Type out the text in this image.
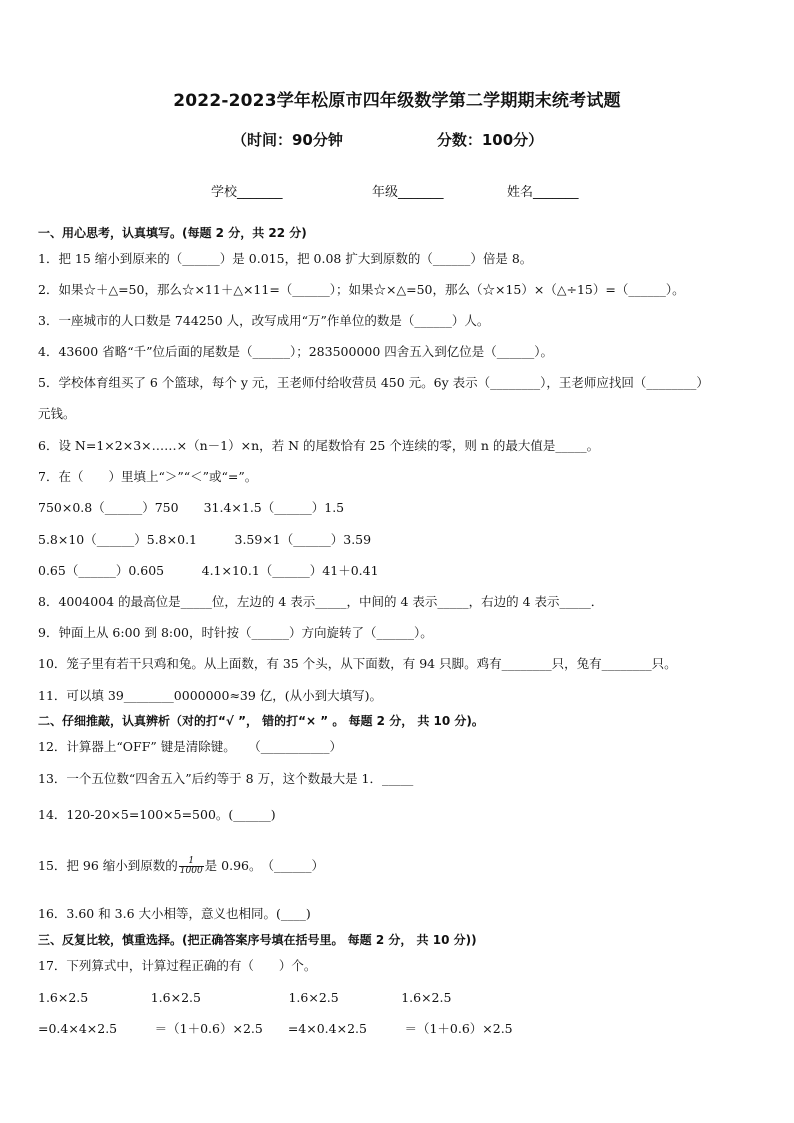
2022-2023学年松原市四年级数学第二学期期末统考试题
（时间：90分钟                  分数：100分）
学校_______	年级_______	姓名_______
一、用心思考，认真填写。(每题 2 分，共 22 分)
1．把 15 缩小到原来的（______）是 0.015，把 0.08 扩大到原数的（______）倍是 8。
2．如果☆＋△=50，那么☆×11＋△×11=（______）；如果☆×△=50，那么（☆×15）×（△÷15）=（______）。
3．一座城市的人口数是 744250 人，改写成用“万”作单位的数是（______）人。
4．43600 省略“千”位后面的尾数是（______）；283500000 四舍五入到亿位是（______）。
5．学校体育组买了 6 个篮球，每个 y 元，王老师付给收营员 450 元。6y 表示（________），王老师应找回（________）
元钱。
6．设 N=1×2×3×……×（n－1）×n，若 N 的尾数恰有 25 个连续的零，则 n 的最大值是_____。
7．在（　　）里填上“＞”“＜”或“=”。
750×0.8（______）750　　31.4×1.5（______）1.5
5.8×10（______）5.8×0.1　　　3.59×1（______）3.59
0.65（______）0.605　　　4.1×10.1（______）41＋0.41
8．4004004 的最高位是_____位，左边的 4 表示_____，中间的 4 表示_____，右边的 4 表示_____．
9．钟面上从 6:00 到 8:00，时针按（______）方向旋转了（______）。
10．笼子里有若干只鸡和兔。从上面数，有 35 个头，从下面数，有 94 只脚。鸡有________只，兔有________只。
11．可以填 39________0000000≈39 亿，(从小到大填写)。
二、仔细推敲，认真辨析（对的打“√ ”， 错的打“× ” 。 每题 2 分， 共 10 分)。
12．计算器上“OFF” 键是清除键。　　（___________）
13．一个五位数“四舍五入”后约等于 8 万，这个数最大是 1．_____
14．120-20×5=100×5=500。(______)
15．把 96 缩小到原数的 $\frac{1}{1000}$ 是 0.96。　（______）
16．3.60 和 3.6 大小相等，意义也相同。(____)
三、反复比较，慎重选择。(把正确答案序号填在括号里。 每题 2 分， 共 10 分))
17．下列算式中，计算过程正确的有（　　）个。
1.6×2.5　　　　　1.6×2.5　　　　　　　1.6×2.5　　　　　1.6×2.5
=0.4×4×2.5　　　＝（1＋0.6）×2.5　　=4×0.4×2.5　　　＝（1＋0.6）×2.5
